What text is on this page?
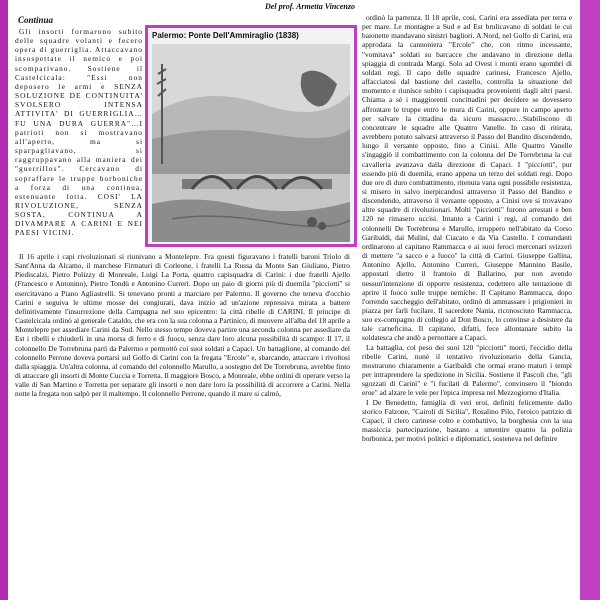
Del prof. Armetta Vincenzo
Continua

Gli insorti formarono subito delle squadre volanti e fecero opera di guerriglia. Attaccavano insospettate il nemico e poi scomparivano. Sostiene il Castelcicala: "Essi non deposero le armi e SENZA SOLUZIONE DE CONTINUITA' SVOLSERO INTENSA ATTIVITA' DI GUERRIGLIA…FU UNA DURA GUERRA"…I patrioti non si mostravano all'aperto, ma si sparpagliavano, si raggruppavano alla maniera dei "guerrillos". Cercavano di sopraffare le truppe borboniche a forza di una continua, estenuante lotta. COSI' LA RIVOLUZIONE, SENZA SOSTA, CONTINUA A DIVAMPARE A CARINI E NEI PAESI VICINI.

Palermo: Ponte Dell'Ammiraglio (1838)

Il 16 aprile i capi rivoluzionari si riunivano a Montelepre. Fra questi figuravano i fratelli baroni Triolo di Sant'Anna da Alcamo, il marchese Firmaturi di Corleone, i fratelli La Russa da Monte San Giuliano, Pietro Piediscalzi, Pietro Polizzy di Monreale, Luigi La Porta, quattro capisquadra di Carini: i due fratelli Ajello (Francesco e Antonino), Pietro Tondù e Antonino Curreri. Dopo un paio di giorni più di duemila "picciotti" si esercitavano a Piano Agliastrelli. Si tenevano pronti a marciare per Palermo. Il governo che teneva d'occhio Carini e seguiva le ultime mosse dei congiurati, dava inizio ad un'azione repressiva mirata a battere definitivamente l'insurrezione della Campagna nel suo epicentro: la città ribelle di CARINI. Il principe di Castelcicala ordinò al generale Cataldo, che era con la sua colonna a Partinico, di muovere all'alba del 18 aprile a Montelepre per assediare Carini da Sud. Nello stesso tempo doveva partire una seconda colonna per assediare da Est i ribelli e chiuderli in una morsa di ferro e di fuoco, senza dare loro alcuna possibilità di scampo: Il 17, il colonnello De Torrebruna partì da Palermo e permottò coi suoi soldati a Capaci. Un battaglione, al comando del colonnello Perrone doveva portarsi sul Golfo di Carini con la fregata "Ercole" e, sbarcando, attaccare i rivoltosi dalla spiaggia. Un'altra colonna, al comando del colonnello Marullo, a sostegno del De Torrebruna, avrebbe finto di attaccare gli insorti di Monte Cuccia e Torretta. Il maggiore Bosco, a Monreale, ebbe ordini di operare verso la valle di San Martino e Torretta per separare gli insorti e non dare loro la possibilità di accorrere a Carini. Nella notte la fregata non salpò per il maltempo. Il colonnello Perrone, quando il mare si calmò,

ordinò la partenza. Il 18 aprile, cosi, Carini era assediata per terra e per mare. Le montagne a Sud e ad Est brulicavano di soldati le cui baionette mandavano sinistri bagliori. A Nord, nel Golfo di Carini, era approdata la cannoniera "Ercole" che, con ritmo incessante, "vomitava" soldati su barcacce che andavano in direzione della spiaggia di contrada Margi. Solo ad Ovest i monti erano sgombri di soldati regi. Il capo delle squadre carinesi, Francesco Ajello, affacciatosi dal bastione del castello, controlla la situazione del momento e riunisce subito i capisquadra provenienti dagli altri paesi. Chiama a sè i maggiorenti concittadini per decidere se dovessero affrontare le truppe entro le mura di Carini, oppure in campo aperto per salvare la cittadina da sicuro massacro…Stabiliscono di concentrare le squadre alle Quattro Vanelle. In caso di ritirata, avrebbero potuto salvarsi attraverso il Passo del Bandito discendendo, lungo il versante opposto, fino a Cinisi. Alle Quattro Vanelle s'ingaggiò il combattimento con la colonna del De Torrebruna la cui cavalleria avanzava dalla direzione di Capaci. I "picciotti", pur essendo più di duemila, erano appena un terzo dei soldati regi. Dopo due ore di duro combattimento, ritenuta vana ogni possibile resistenza, si misero in salvo inerpicandosi attraverso il Passo del Bandito e discendendo, attraverso il versante opposto, a Cinisi ove si trovavano altre squadre di rivoluzionari. Molti "picciotti" furono arrestati e ben 120 ne rimasero uccisi. Intanto a Carini i regi, al comando dei colonnelli De Torrebruna e Marullo, irruppero nell'abitato da Corso Garibaldi, dai Mulini, dal Ciacato e da Via Castello. I comandanti ordinarono al capitano Rammacca e ai suoi feroci mercenari svizzeri di mettere "a sacco e a fuoco" la città di Carini. Giuseppe Gallina, Antonino Ajello, Antonino Curreri, Giuseppe Mannino Basile, appostati dietro il frantoio di Ballarino, pur non avendo nessun'intenzione di opporre resistenza, cedettero alle tentazione di aprire il fuoco sulle truppe nemiche. Il Capitano Rammacca, dopo l'orrendo saccheggio dell'abitato, ordinò di ammassare i prigionieri in piazza per farli fucilare. Il sacerdote Nania, riconosciuto Rammacca, suo ex-compagno di collegio al Don Bosco, lo convinse a desistere da tale carneficina. Il capitano, difatti, fece allontanare subito la soldatesca che andò a pernottare a Capaci.

La battaglia, col peso dei suoi 120 "picciotti" morti, l'eccidio della ribelle Carini, nonè il tentativo rivoluzionario della Gancia, mostrarono chiaramente a Garibaldi che ormai erano maturi i tempi per intraprendere la spedizione in Sicilia. Sostiene il Pascoli che, "gli sgozzati di Carini" e "i fucilati di Palermo", convinsero il "biondo eroe" ad alzare le vele per l'epica impresa nel Mezzogiorno d'Italia.

I De Benedetto, famiglia di veri eroi, definiti felicemente dallo storico Falzone, "Cairoli di Sicilia", Rosalino Pilo, l'eroico patrizio di Capaci, il clero carinese colto e combattivo, la borghesia con la sua massiccia partecipazione, bastano a smentire quanto la polizia borbonica, per motivi politici e diplomatici, sosteneva nel definire
